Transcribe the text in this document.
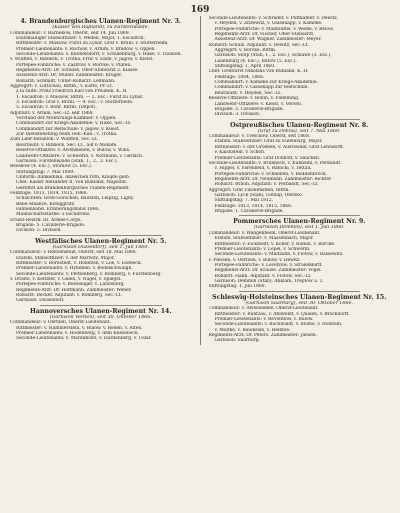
169
4. Brandenburgisches Ulanen-Regiment Nr. 3.
(Kaiser von Rußland), zu Fürstenwalde.
Commandeur: v. Barnekow, Oberst, seit 14. Juli 1869.
Etatsmäßiger Stabsoffizier: v. Wedell, Major, 1. Escadron.
Rittmeister: v. Massow, Fürst zu Lynar, Graf v. Brühl, v. Stutterheim.
Premier-Lieutenants: v. Rochow, v. Arnim, v. Bredow, v. Oppen.
Seconde-Lieutenants: v. Knobelsdorff, v. Schulenburg, v. Hake, v. Thümen.
v. Wulffen, v. Ribbeck, v. Trotha, Frhr. v. Ende, v. Jagow, v. Kleist.
Portepee-Fähnriche: v. Zastrow, v. Borcke, v. Platen.
Regiments-Arzt: Dr. Schulze, Ober-Stabsarzt 2. Klasse.
Assistenz-Arzt: Dr. Müller. Zahlmeister: Krüger.
Roßarzt: Schmidt. Unter-Roßarzt: Lehmann.
Aggregirt: v. Lüttichau, Rittm.; v. Katte, Pr.-Lt.
à la suite: Prinz Friedrich Karl von Preußen, K. H.
1. Escadron: v. Massow, Rittm. — 2. Esc.: Fürst zu Lynar.
3. Escadron: Graf v. Brühl. — 4. Esc.: v. Stutterheim.
5. Escadron: v. Rohr, Rittm. (Depot).
Adjutant: v. Arnim, Sec.-Lt. seit 1868.
Vorstand der Montirungs-Kammer: v. Oppen.
Commandirt zur Kriegs-Akademie: v. Hake, Sec.-Lt.
Commandirt zur Reitschule: v. Jagow, v. Kleist.
Zur Dienstleistung beim Gen.-Kdo.: v. Trotha.
Zum Lehr-Bataillon: v. Wulffen, Sec.-Lt.
Beurlaubt: v. Ribbeck, Sec.-Lt., auf 6 Monate.
Reserve-Offiziere: v. Alvensleben, v. Bülow, v. Wins.
Landwehr-Offiziere: v. Schwerin, v. Normann, v. Gerlach.
Garnison: Fürstenwalde (Stab, 1., 2., 3. Esc.).
Beeskow (4. Esc.), Storkow (5. Esc.).
Stiftungstag: 7. Mai 1809.
Uniform: dunkelblau, Abzeichen roth, Knöpfe gelb.
Chef: Kaiser Alexander II. von Rußland, Majestät.
Gestiftet als Brandenburgisches Ulanen-Regiment.
Feldzüge: 1813, 1814, 1815, 1866.
Schlachten: Groß-Görschen, Bautzen, Leipzig, Ligny.
Belle-Alliance, Königgrätz.
Fahnenband: Erinnerungsband 1866.
Mannschaftsstärke: 5 Escadrons.
Ersatz-Bezirk: III. Armee-Corps.
Brigade: 5. Cavallerie-Brigade.
Division: 5. Division.
Westfälisches Ulanen-Regiment Nr. 5.
(Garnison Düsseldorf), seit 1. Juli 1860.
Commandeur: v. Reitzenstein, Oberst, seit 18. Mai 1866.
Etatsm. Stabsoffizier: v. der Marwitz, Major.
Rittmeister: v. Bornstedt, v. Holleben, v. Loë, v. Esebeck.
Premier-Lieutenants: v. Hymmen, v. Bodelschwingh.
Seconde-Lieutenants: v. Plettenberg, v. Romberg, v. Fürstenberg.
v. Droste, v. Ketteler, v. Galen, v. Nagel, v. Spiegel.
Portepee-Fähnriche: v. Boeselager, v. Landsberg.
Regiments-Arzt: Dr. Hoffmann. Zahlmeister: Weber.
Roßarzt: Becker. Adjutant: v. Romberg, Sec.-Lt.
Garnison: Düsseldorf.
Hannoversches Ulanen-Regiment Nr. 14.
(Garnison Verden), seit 30. Oktober 1866.
Commandeur: v. Oertzen, Oberst-Lieutenant.
Rittmeister: v. Hammerstein, v. Bülow, v. Reden, v. Alten.
Premier-Lieutenants: v. Hodenberg, v. dem Knesebeck.
Seconde-Lieutenants: v. Marenholtz, v. Hardenberg, v. Uslar.
Seconde-Lieutenants: v. Schrader, v. Puttkamer, v. Dewitz.
v. Heyden, v. Zitzewitz, v. Glasenapp, v. Kameke.
Portepee-Fähnriche: v. Manteuffel, v. Wedel, v. Below.
Regiments-Arzt: Dr. Fischer, Ober-Stabsarzt.
Assistenz-Arzt: Dr. Wagner. Zahlmeister: Meyer.
Roßarzt: Schulz. Adjutant: v. Dewitz, Sec.-Lt.
Aggregirt: v. Borcke, Rittm.
Garnison: Stolp (Stab, 1., 2. Esc.), Schlawe (3. Esc.).
Lauenburg (4. Esc.), Bütow (5. Esc.).
Stiftungstag: 1. April 1860.
Chef: Großfürst Nikolaus von Rußland, K. H.
Feldzüge: 1864, 1866.
Commandirt: v. Kameke zur Kriegs-Akademie.
Commandirt: v. Glasenapp zur Reitschule.
Beurlaubt: v. Heyden, Sec.-Lt.
Reserve-Offiziere: v. Bonin, v. Flemming.
Landwehr-Offiziere: v. Kleist, v. Versen.
Brigade: 3. Cavallerie-Brigade.
Division: 3. Division.
Ostpreußisches Ulanen-Regiment Nr. 8.
(Graf zu Dohna), seit 7. Mai 1860.
Commandeur: v. Tresckow, Oberst, seit 1868.
Etatsm. Stabsoffizier: Graf zu Eulenburg, Major.
Rittmeister: v. der Groeben, v. Auerswald, Graf Lehndorff.
v. Kalckstein, v. Schön.
Premier-Lieutenants: Graf Dönhoff, v. Saucken.
Seconde-Lieutenants: v. Brünneck, v. Kunheim, v. Perbandt.
v. Hippel, v. Farenheid, v. Batocki, v. Tettau.
Portepee-Fähnriche: v. Schlieben, v. Buddenbrock.
Regiments-Arzt: Dr. Neumann. Zahlmeister: Richter.
Roßarzt: Braun. Adjutant: v. Perbandt, Sec.-Lt.
Aggregirt: Graf Finckenstein, Rittm.
Garnison: Lyck (Stab), Goldap, Oletzko.
Stiftungstag: 7. Mai 1812.
Feldzüge: 1813, 1814, 1815, 1866.
Brigade: 1. Cavallerie-Brigade.
Pommersches Ulanen-Regiment Nr. 9.
(Garnison Demmin), seit 1. Juli 1860.
Commandeur: v. Wangenheim, Oberst-Lieutenant.
Etatsm. Stabsoffizier: v. Massenbach, Major.
Rittmeister: v. Eickstedt, v. Köller, v. Ramin, v. Borcke.
Premier-Lieutenants: v. Lepel, v. Schwerin.
Seconde-Lieutenants: v. Maltzahn, v. Flotow, v. Bassewitz.
v. Plessen, v. Oertzen, v. Bülow, v. Dewitz.
Portepee-Fähnriche: v. Levetzow, v. Stralendorff.
Regiments-Arzt: Dr. Krause. Zahlmeister: Vogel.
Roßarzt: Hahn. Adjutant: v. Flotow, Sec.-Lt.
Garnison: Demmin (Stab), Anklam, Treptow a. T.
Stiftungstag: 1. Juli 1860.
Schleswig-Holsteinsches Ulanen-Regiment Nr. 15.
(Garnison Saarburg), seit 30. Oktober 1866.
Commandeur: v. Alvensleben, Oberst-Lieutenant.
Rittmeister: v. Rantzau, v. Ahlefeldt, v. Qualen, v. Brockdorff.
Premier-Lieutenants: v. Reventlow, v. Bülow.
Seconde-Lieutenants: v. Buchwaldt, v. Blome, v. Holstein.
v. Moltke, v. Baudissin, v. Heintze.
Regiments-Arzt: Dr. Peters. Zahlmeister: Jansen.
Garnison: Saarburg.
